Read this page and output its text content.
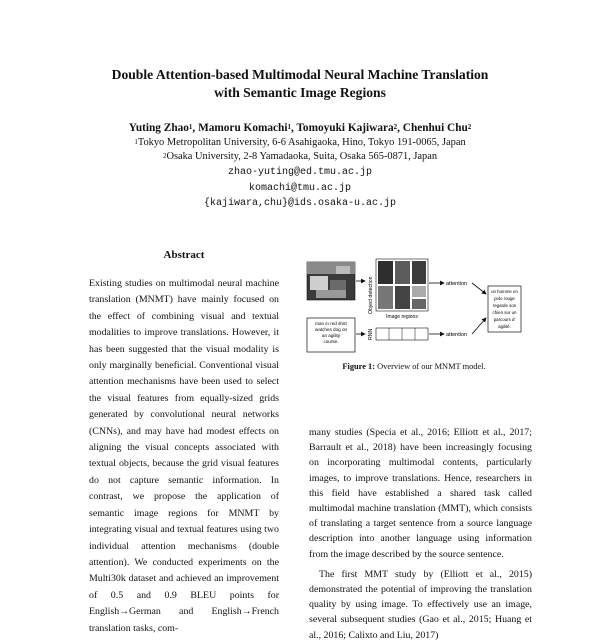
Double Attention-based Multimodal Neural Machine Translation
with Semantic Image Regions
Yuting Zhao$^1$, Mamoru Komachi$^1$, Tomoyuki Kajiwara$^2$, Chenhui Chu$^2$
$^1$Tokyo Metropolitan University, 6-6 Asahigaoka, Hino, Tokyo 191-0065, Japan
$^2$Osaka University, 2-8 Yamadaoka, Suita, Osaka 565-0871, Japan
zhao-yuting@ed.tmu.ac.jp
komachi@tmu.ac.jp
{kajiwara,chu}@ids.osaka-u.ac.jp
Abstract
Existing studies on multimodal neural machine translation (MNMT) have mainly focused on the effect of combining visual and textual modalities to improve translations. However, it has been suggested that the visual modality is only marginally beneficial. Conventional visual attention mechanisms have been used to select the visual features from equally-sized grids generated by convolutional neural networks (CNNs), and may have had modest effects on aligning the visual concepts associated with textual objects, because the grid visual features do not capture semantic information. In contrast, we propose the application of semantic image regions for MNMT by integrating visual and textual features using two individual attention mechanisms (double attention). We conducted experiments on the Multi30k dataset and achieved an improvement of 0.5 and 0.9 BLEU points for English→German and English→French translation tasks, com-
Object detection
Image regions
attention
man in red shirt
watches dog on
an agility
course.
RNN	attention
un homme en
polo rouge
regarde son
chien sur un
parcours d'
agilité.
Figure 1: Overview of our MNMT model.

many studies (Specia et al., 2016; Elliott et al., 2017; Barrault et al., 2018) have been increasingly focusing on incorporating multimodal contents, particularly images, to improve translations. Hence, researchers in this field have established a shared task called multimodal machine translation (MMT), which consists of translating a target sentence from a source language description into another language using information from the image described by the source sentence.

The first MMT study by (Elliott et al., 2015) demonstrated the potential of improving the translation quality by using image. To effectively use an image, several subsequent studies (Gao et al., 2015; Huang et al., 2016; Calixto and Liu, 2017)
